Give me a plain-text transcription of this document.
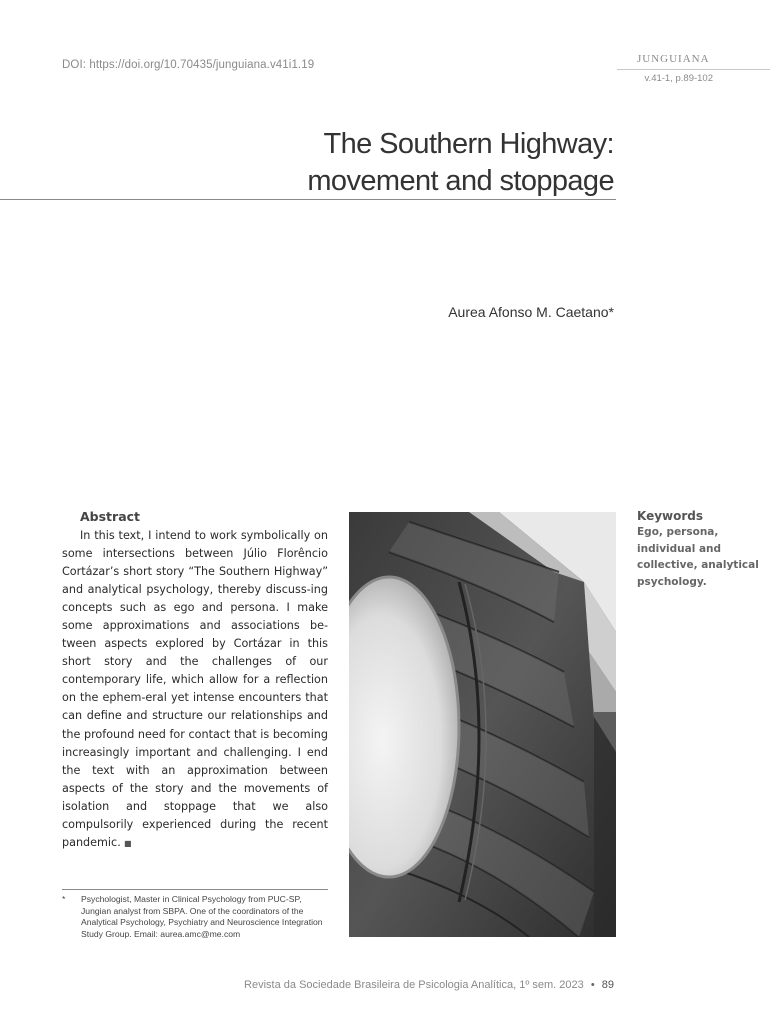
DOI: https://doi.org/10.70435/junguiana.v41i1.19	JUNGUIANA
v.41-1, p.89-102
The Southern Highway:
movement and stoppage
Aurea Afonso M. Caetano*
Abstract
In this text, I intend to work symbolically on some intersections between Júlio Florêncio Cortázar’s short story “The Southern Highway” and analytical psychology, thereby discuss-ing concepts such as ego and persona. I make some approximations and associations be-tween aspects explored by Cortázar in this short story and the challenges of our contemporary life, which allow for a reflection on the ephem-eral yet intense encounters that can define and structure our relationships and the profound need for contact that is becoming increasingly important and challenging. I end the text with an approximation between aspects of the story and the movements of isolation and stoppage that we also compulsorily experienced during the recent pandemic. ■
Keywords
Ego, persona, individual and collective, analytical psychology.
* Psychologist, Master in Clinical Psychology from PUC-SP, Jungian analyst from SBPA. One of the coordinators of the Analytical Psychology, Psychiatry and Neuroscience Integration Study Group. Email: aurea.amc@me.com
Revista da Sociedade Brasileira de Psicologia Analítica, 1º sem. 2023 • 89
